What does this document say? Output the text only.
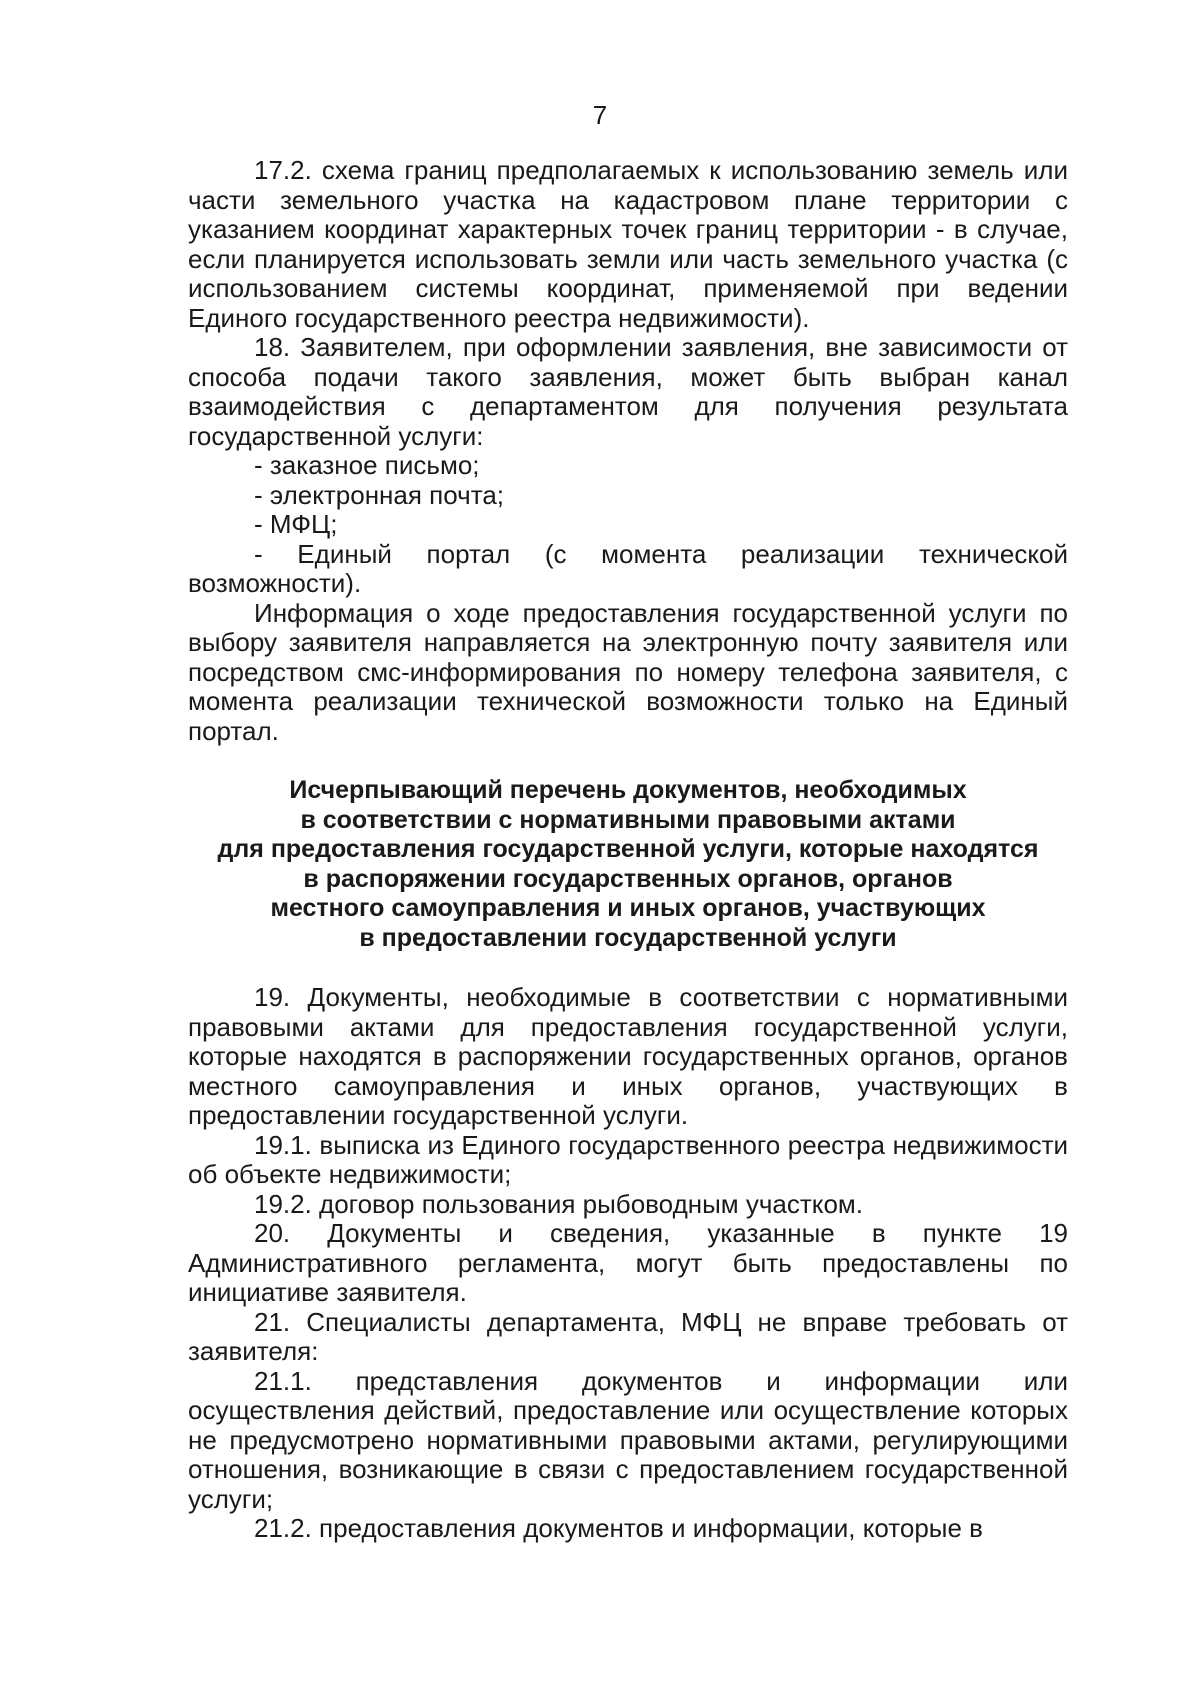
7

17.2. схема границ предполагаемых к использованию земель или части земельного участка на кадастровом плане территории с указанием координат характерных точек границ территории - в случае, если планируется использовать земли или часть земельного участка (с использованием системы координат, применяемой при ведении Единого государственного реестра недвижимости).

18. Заявителем, при оформлении заявления, вне зависимости от способа подачи такого заявления, может быть выбран канал взаимодействия с департаментом для получения результата государственной услуги:

- заказное письмо;

- электронная почта;

- МФЦ;

- Единый портал (с момента реализации технической возможности).

Информация о ходе предоставления государственной услуги по выбору заявителя направляется на электронную почту заявителя или посредством смс-информирования по номеру телефона заявителя, с момента реализации технической возможности только на Единый портал.

Исчерпывающий перечень документов, необходимых

в соответствии с нормативными правовыми актами

для предоставления государственной услуги, которые находятся

в распоряжении государственных органов, органов

местного самоуправления и иных органов, участвующих

в предоставлении государственной услуги

19. Документы, необходимые в соответствии с нормативными правовыми актами для предоставления государственной услуги, которые находятся в распоряжении государственных органов, органов местного самоуправления и иных органов, участвующих в предоставлении государственной услуги.

19.1. выписка из Единого государственного реестра недвижимости об объекте недвижимости;

19.2. договор пользования рыбоводным участком.

20. Документы и сведения, указанные в пункте 19 Административного регламента, могут быть предоставлены по инициативе заявителя.

21. Специалисты департамента, МФЦ не вправе требовать от заявителя:

21.1. представления документов и информации или осуществления действий, предоставление или осуществление которых не предусмотрено нормативными правовыми актами, регулирующими отношения, возникающие в связи с предоставлением государственной услуги;

21.2. предоставления документов и информации, которые в
